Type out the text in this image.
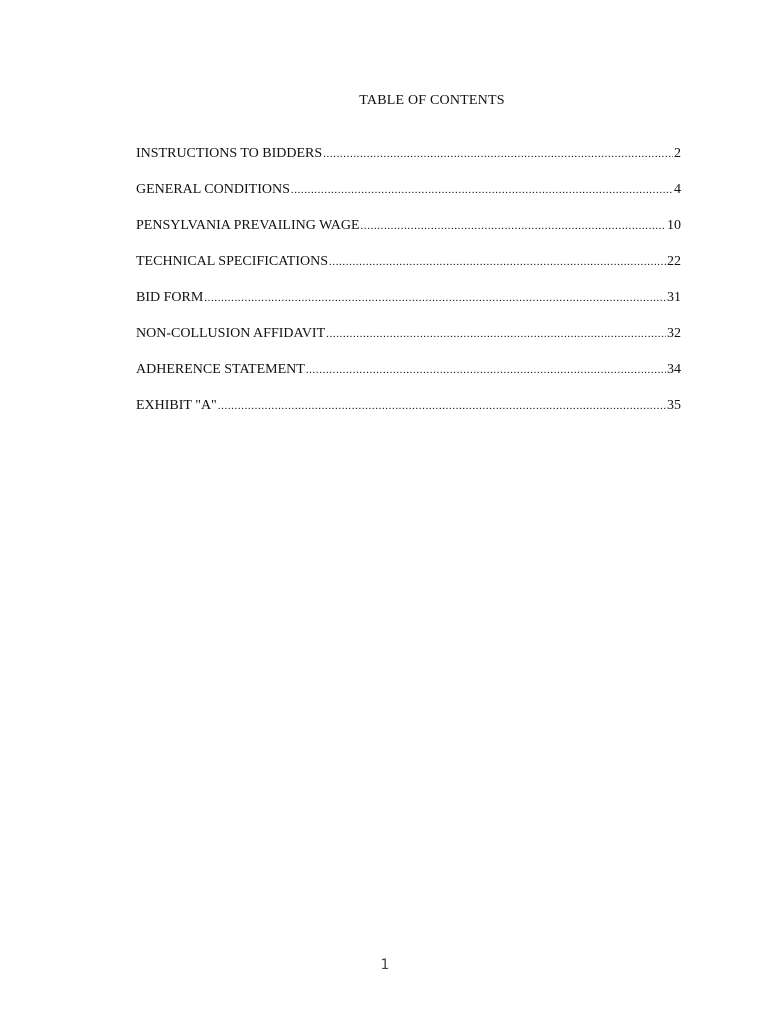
TABLE OF CONTENTS
INSTRUCTIONS TO BIDDERS .....	2
GENERAL CONDITIONS .....	4
PENSYLVANIA PREVAILING WAGE .....	10
TECHNICAL SPECIFICATIONS .....	22
BID FORM .....	31
NON-COLLUSION AFFIDAVIT .....	32
ADHERENCE STATEMENT .....	34
EXHIBIT "A" .....	35
1
